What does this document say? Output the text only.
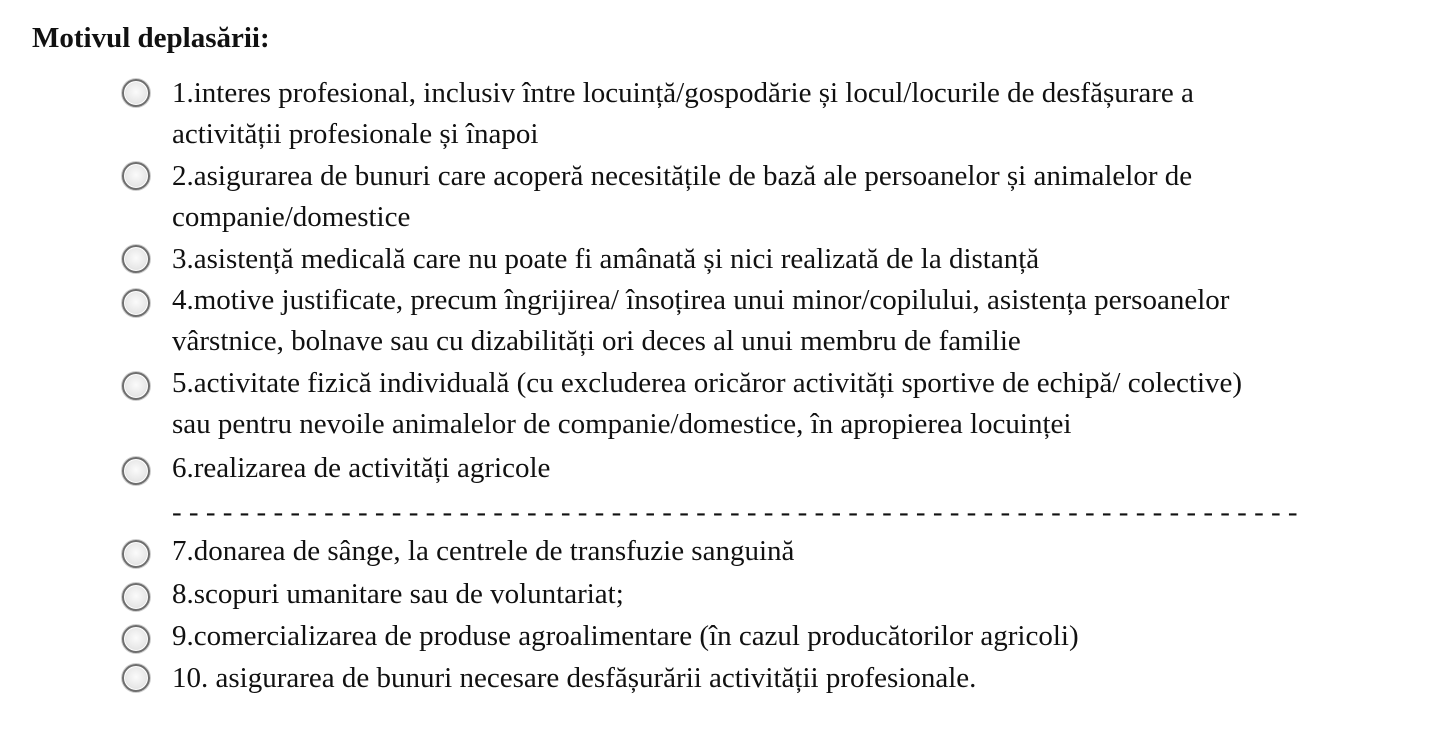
Motivul deplasării:
1.interes profesional, inclusiv între locuință/gospodărie și locul/locurile de desfășurare a
activității profesionale și înapoi
2.asigurarea de bunuri care acoperă necesitățile de bază ale persoanelor și animalelor de
companie/domestice
3.asistență medicală care nu poate fi amânată și nici realizată de la distanță
4.motive justificate, precum îngrijirea/ însoțirea unui minor/copilului, asistența persoanelor
vârstnice, bolnave sau cu dizabilități ori deces al unui membru de familie
5.activitate fizică individuală (cu excluderea oricăror activități sportive de echipă/ colective)
sau pentru nevoile animalelor de companie/domestice, în apropierea locuinței
6.realizarea de activități agricole
- - - - - - - - - - - - - - - - - - - - - - - - - - - - - - - - - - - - - - - - - - - - - - - - - - - - - - - - - - - - - - - - - - -
7.donarea de sânge, la centrele de transfuzie sanguină
8.scopuri umanitare sau de voluntariat;
9.comercializarea de produse agroalimentare (în cazul producătorilor agricoli)
10. asigurarea de bunuri necesare desfășurării activității profesionale.
